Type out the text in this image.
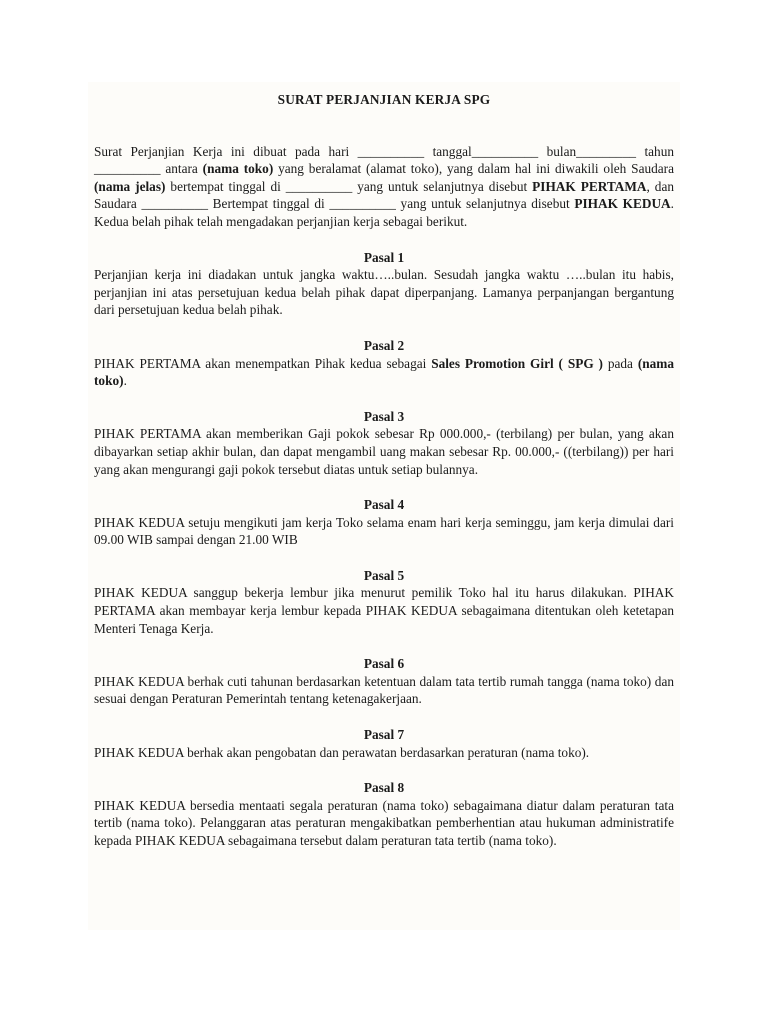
SURAT PERJANJIAN KERJA SPG

Surat Perjanjian Kerja ini dibuat pada hari __________ tanggal__________ bulan_________ tahun __________ antara (nama toko) yang beralamat (alamat toko), yang dalam hal ini diwakili oleh Saudara (nama jelas) bertempat tinggal di __________ yang untuk selanjutnya disebut PIHAK PERTAMA, dan Saudara __________ Bertempat tinggal di __________ yang untuk selanjutnya disebut PIHAK KEDUA. Kedua belah pihak telah mengadakan perjanjian kerja sebagai berikut.

Pasal 1

Perjanjian kerja ini diadakan untuk jangka waktu…..bulan. Sesudah jangka waktu …..bulan itu habis, perjanjian ini atas persetujuan kedua belah pihak dapat diperpanjang. Lamanya perpanjangan bergantung dari persetujuan kedua belah pihak.

Pasal 2

PIHAK PERTAMA akan menempatkan Pihak kedua sebagai Sales Promotion Girl ( SPG ) pada (nama toko).

Pasal 3

PIHAK PERTAMA akan memberikan Gaji pokok sebesar Rp 000.000,- (terbilang) per bulan, yang akan dibayarkan setiap akhir bulan, dan dapat mengambil uang makan sebesar Rp. 00.000,- ((terbilang)) per hari yang akan mengurangi gaji pokok tersebut diatas untuk setiap bulannya.

Pasal 4

PIHAK KEDUA setuju mengikuti jam kerja Toko selama enam hari kerja seminggu, jam kerja dimulai dari 09.00 WIB sampai dengan 21.00 WIB

Pasal 5

PIHAK KEDUA sanggup bekerja lembur jika menurut pemilik Toko hal itu harus dilakukan. PIHAK PERTAMA akan membayar kerja lembur kepada PIHAK KEDUA sebagaimana ditentukan oleh ketetapan Menteri Tenaga Kerja.

Pasal 6

PIHAK KEDUA berhak cuti tahunan berdasarkan ketentuan dalam tata tertib rumah tangga (nama toko) dan sesuai dengan Peraturan Pemerintah tentang ketenagakerjaan.

Pasal 7

PIHAK KEDUA berhak akan pengobatan dan perawatan berdasarkan peraturan (nama toko).

Pasal 8

PIHAK KEDUA bersedia mentaati segala peraturan (nama toko) sebagaimana diatur dalam peraturan tata tertib (nama toko). Pelanggaran atas peraturan mengakibatkan pemberhentian atau hukuman administratife kepada PIHAK KEDUA sebagaimana tersebut dalam peraturan tata tertib (nama toko).
